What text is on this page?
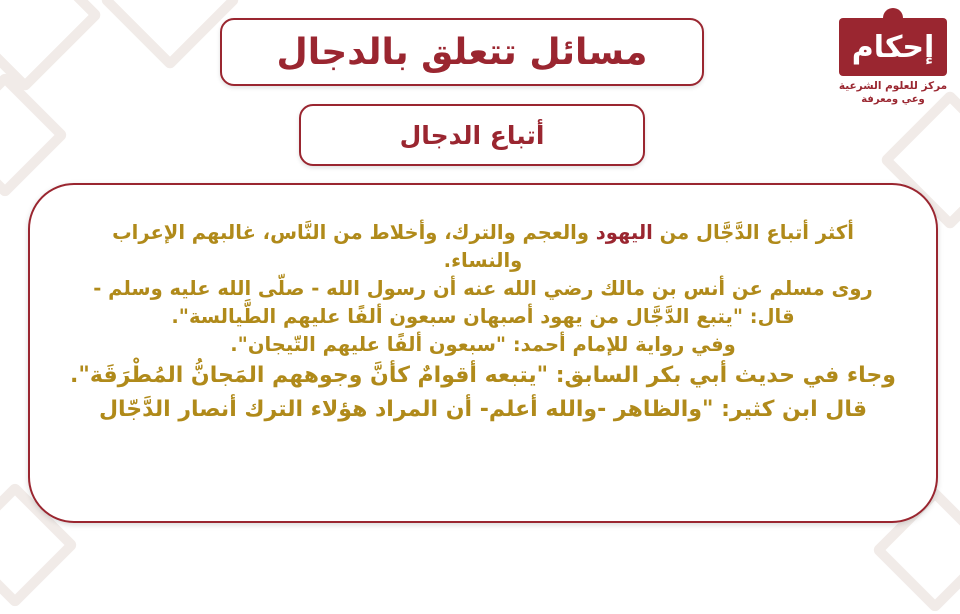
مسائل تتعلق بالدجال
أتباع الدجال
إحكام
مركز للعلوم الشرعية
وعي ومعرفة

أكثر أتباع الدَّجَّال من اليهود والعجم والترك، وأخلاط من النَّاس، غالبهم الإعراب والنساء.

روى مسلم عن أنس بن مالك رضي الله عنه أن رسول الله - صلّى الله عليه وسلم - قال: "يتبع الدَّجَّال من يهود أصبهان سبعون ألفًا عليهم الطَّيالسة".

وفي رواية للإمام أحمد: "سبعون ألفًا عليهم التّيجان".

وجاء في حديث أبي بكر السابق: "يتبعه أقوامٌ كأنَّ وجوههم المَجانُّ المُطْرَقَة".

قال ابن كثير: "والظاهر -والله أعلم- أن المراد هؤلاء الترك أنصار الدَّجّال
